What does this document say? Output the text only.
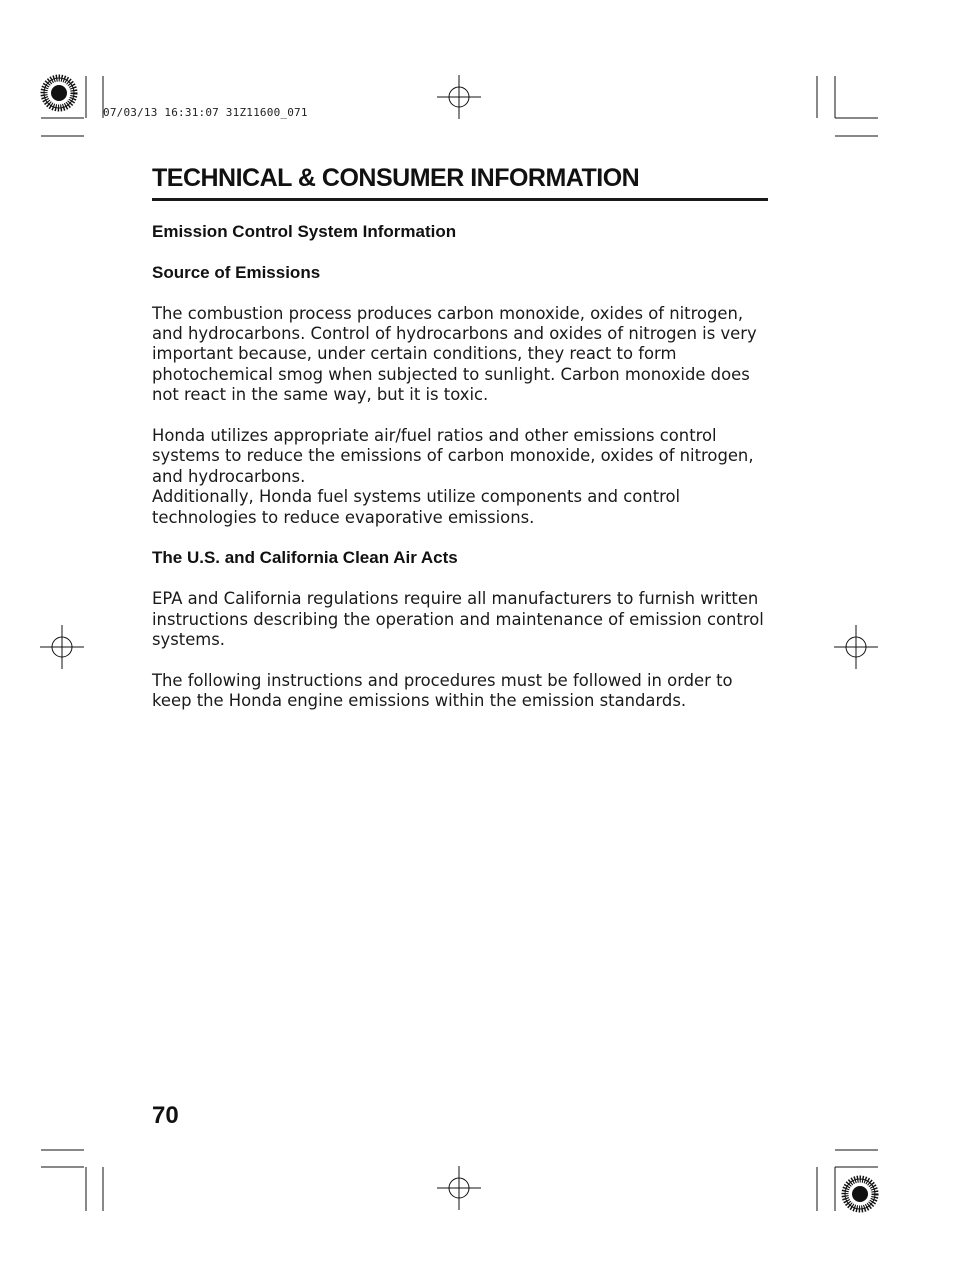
07/03/13 16:31:07 31Z11600_071
TECHNICAL & CONSUMER INFORMATION

Emission Control System Information

Source of Emissions

The combustion process produces carbon monoxide, oxides of nitrogen, and hydrocarbons. Control of hydrocarbons and oxides of nitrogen is very important because, under certain conditions, they react to form photochemical smog when subjected to sunlight. Carbon monoxide does not react in the same way, but it is toxic.

Honda utilizes appropriate air/fuel ratios and other emissions control systems to reduce the emissions of carbon monoxide, oxides of nitrogen, and hydrocarbons.

Additionally, Honda fuel systems utilize components and control technologies to reduce evaporative emissions.

The U.S. and California Clean Air Acts

EPA and California regulations require all manufacturers to furnish written instructions describing the operation and maintenance of emission control systems.

The following instructions and procedures must be followed in order to keep the Honda engine emissions within the emission standards.

70
